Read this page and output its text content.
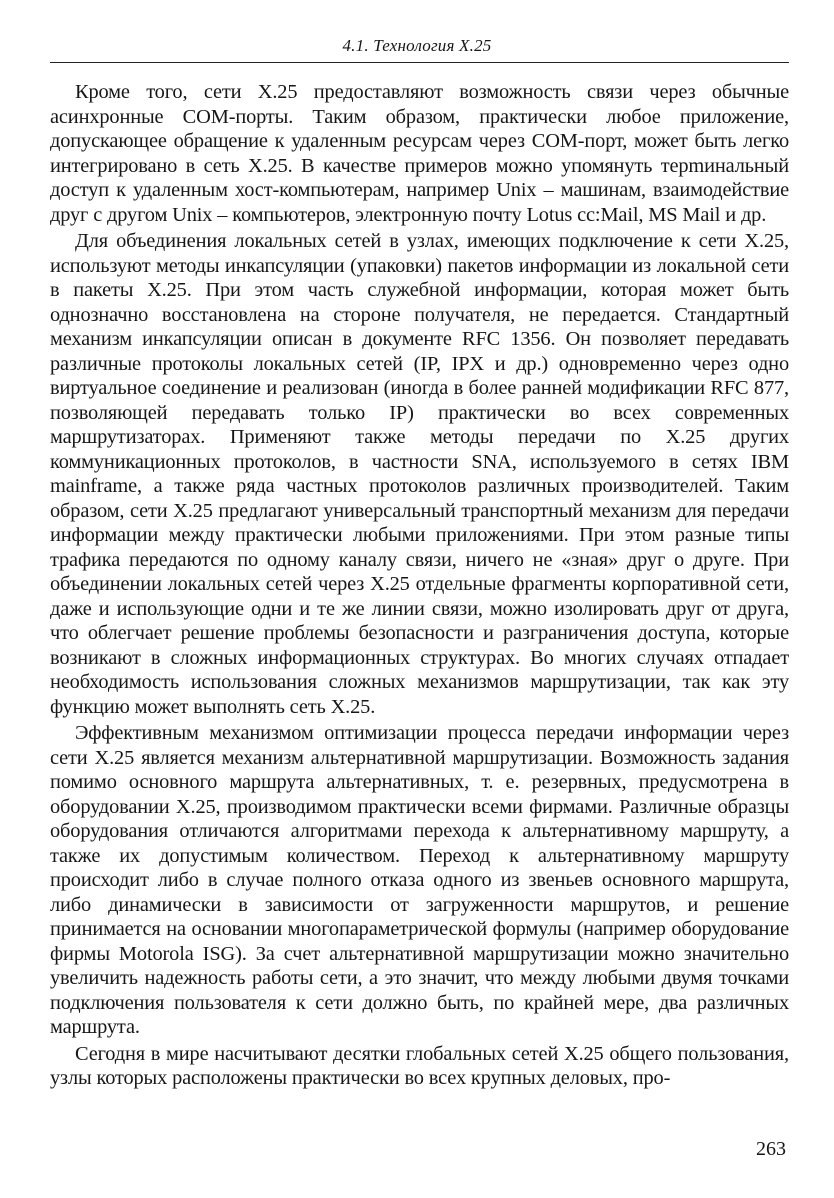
4.1. Технология X.25

Кроме того, сети X.25 предоставляют возможность связи через обычные асинхронные COM-порты. Таким образом, практически любое приложение, допускающее обращение к удаленным ресурсам через COM-порт, может быть легко интегрировано в сеть X.25. В качестве примеров можно упомянуть терmинальный доступ к удаленным хост-компьютерам, например Unix – машинам, взаимодействие друг с другом Unix – компьютеров, электронную почту Lotus cc:Mail, MS Mail и др.

Для объединения локальных сетей в узлах, имеющих подключение к сети X.25, используют методы инкапсуляции (упаковки) пакетов информации из локальной сети в пакеты X.25. При этом часть служебной информации, которая может быть однозначно восстановлена на стороне получателя, не передается. Стандартный механизм инкапсуляции описан в документе RFC 1356. Он позволяет передавать различные протоколы локальных сетей (IP, IPX и др.) одновременно через одно виртуальное соединение и реализован (иногда в более ранней модификации RFC 877, позволяющей передавать только IP) практически во всех современных маршрутизаторах. Применяют также методы передачи по X.25 других коммуникационных протоколов, в частности SNA, используемого в сетях IBM mainframe, а также ряда частных протоколов различных производителей. Таким образом, сети X.25 предлагают универсальный транспортный механизм для передачи информации между практически любыми приложениями. При этом разные типы трафика передаются по одному каналу связи, ничего не «зная» друг о друге. При объединении локальных сетей через X.25 отдельные фрагменты корпоративной сети, даже и использующие одни и те же линии связи, можно изолировать друг от друга, что облегчает решение проблемы безопасности и разграничения доступа, которые возникают в сложных информационных структурах. Во многих случаях отпадает необходимость использования сложных механизмов маршрутизации, так как эту функцию может выполнять сеть X.25.

Эффективным механизмом оптимизации процесса передачи информации через сети X.25 является механизм альтернативной маршрутизации. Возможность задания помимо основного маршрута альтернативных, т. е. резервных, предусмотрена в оборудовании X.25, производимом практически всеми фирмами. Различные образцы оборудования отличаются алгоритмами перехода к альтернативному маршруту, а также их допустимым количеством. Переход к альтернативному маршруту происходит либо в случае полного отказа одного из звеньев основного маршрута, либо динамически в зависимости от загруженности маршрутов, и решение принимается на основании многопараметрической формулы (например оборудование фирмы Motorola ISG). За счет альтернативной маршрутизации можно значительно увеличить надежность работы сети, а это значит, что между любыми двумя точками подключения пользователя к сети должно быть, по крайней мере, два различных маршрута.

Сегодня в мире насчитывают десятки глобальных сетей X.25 общего пользования, узлы которых расположены практически во всех крупных деловых, про-

263
